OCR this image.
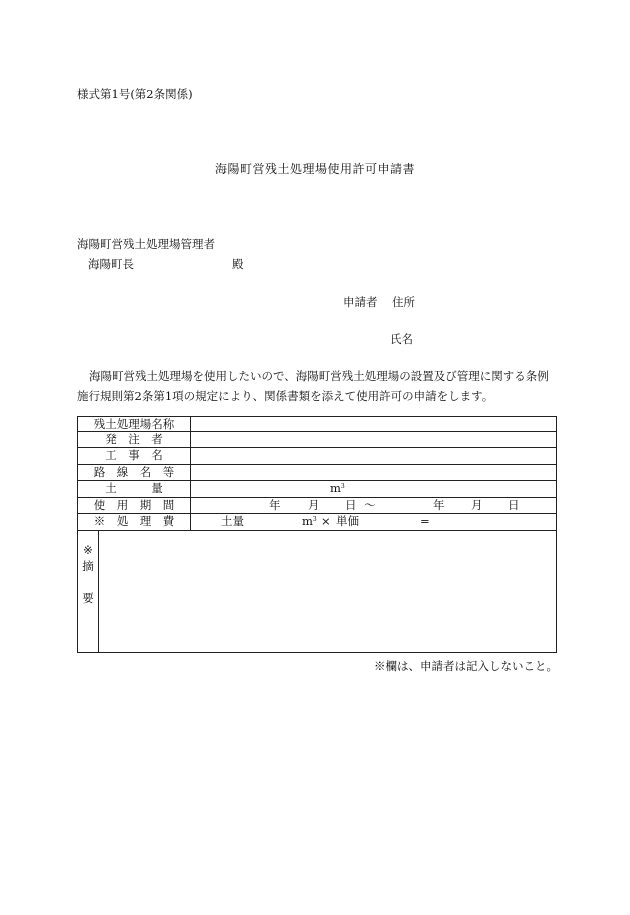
様式第1号(第2条関係)
海陽町営残土処理場使用許可申請書
海陽町営残土処理場管理者
海陽町長	殿
申請者 住所
氏名
海陽町営残土処理場を使用したいので、海陽町営残土処理場の設置及び管理に関する条例施行規則第2条第1項の規定により、関係書類を添えて使用許可の申請をします。
残土処理場名称
発　注　者
工　事　名
路　線　名　等
土　　　量	$m^3$
使　用　期　間	年 月 日 〜	年 月 日
※　処　理　費	土量	$m^3$ × 単価	=
※
摘
要
※欄は、申請者は記入しないこと。
